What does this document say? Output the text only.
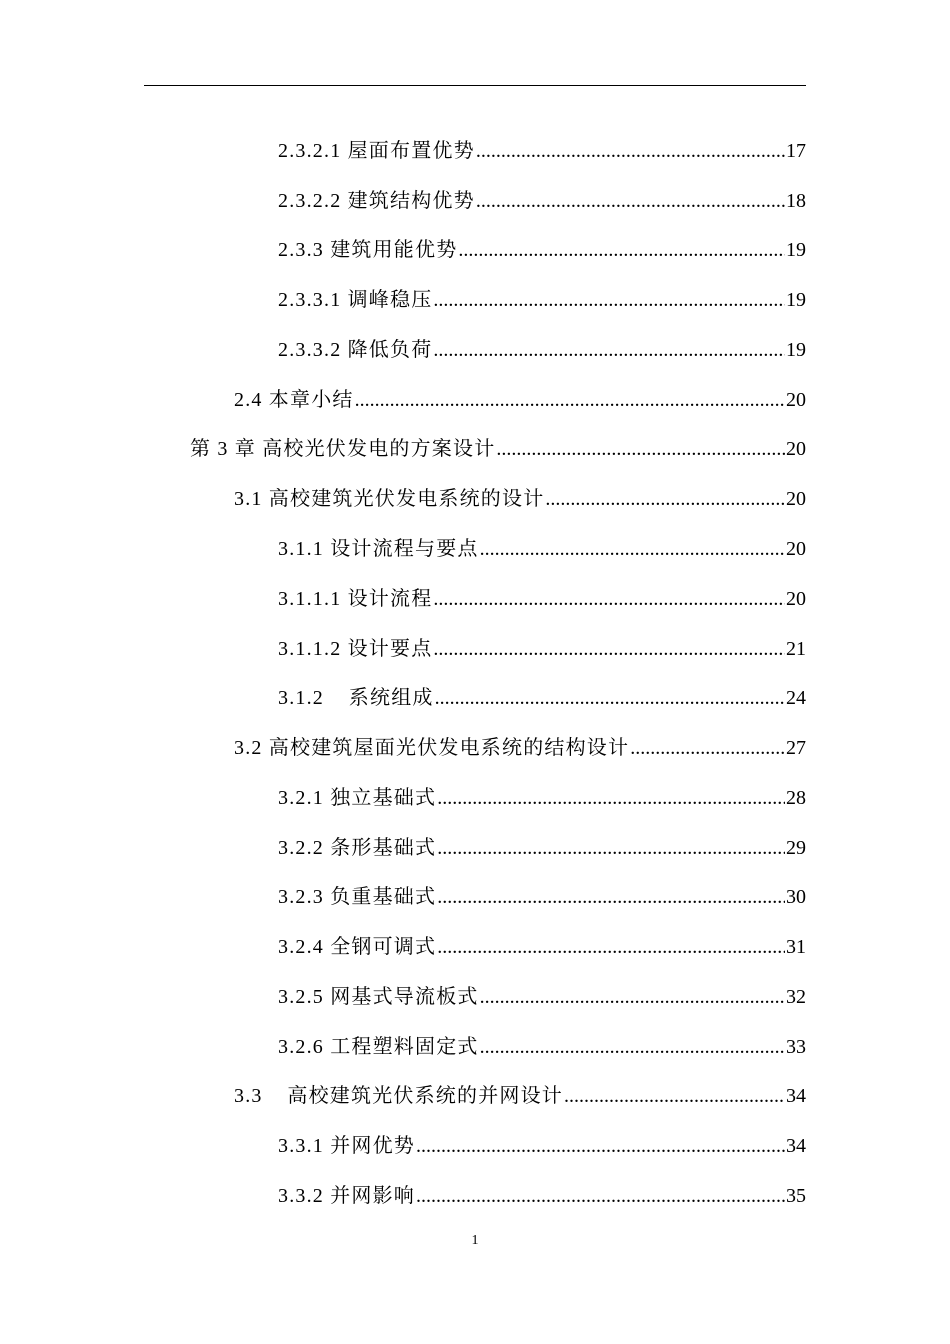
2.3.2.1 屋面布置优势 .....	17
2.3.2.2 建筑结构优势 .....	18
2.3.3 建筑用能优势 .....	19
2.3.3.1 调峰稳压 .....	19
2.3.3.2 降低负荷 .....	19
2.4 本章小结 .....	20
第 3 章 高校光伏发电的方案设计 .....	20
3.1 高校建筑光伏发电系统的设计 .....	20
3.1.1 设计流程与要点 .....	20
3.1.1.1 设计流程 .....	20
3.1.1.2 设计要点 .....	21
3.1.2    系统组成 .....	24
3.2 高校建筑屋面光伏发电系统的结构设计 .....	27
3.2.1 独立基础式 .....	28
3.2.2 条形基础式 .....	29
3.2.3 负重基础式 .....	30
3.2.4 全钢可调式 .....	31
3.2.5 网基式导流板式 .....	32
3.2.6 工程塑料固定式 .....	33
3.3    高校建筑光伏系统的并网设计 .....	34
3.3.1 并网优势 .....	34
3.3.2 并网影响 .....	35
1
